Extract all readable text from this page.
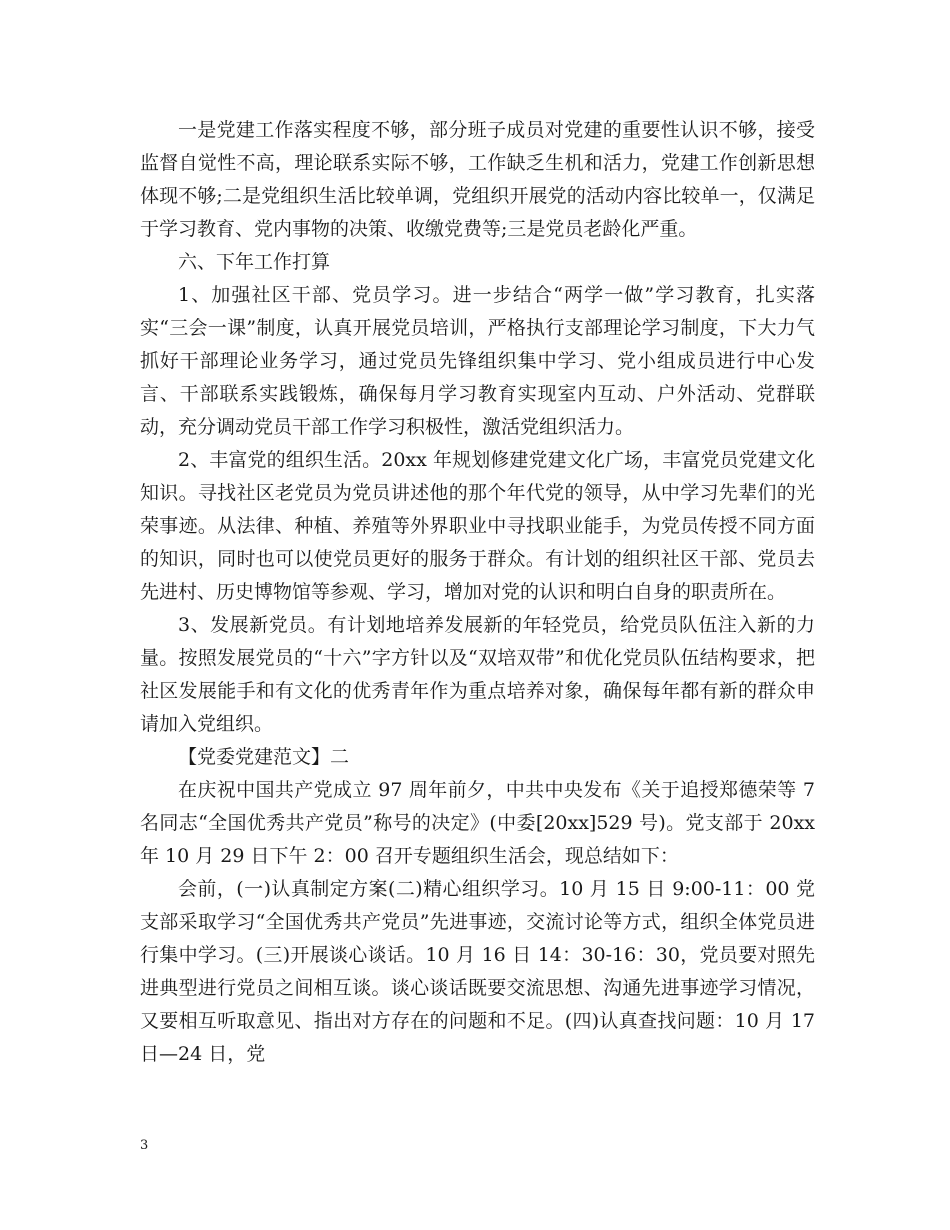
一是党建工作落实程度不够，部分班子成员对党建的重要性认识不够，接受监督自觉性不高，理论联系实际不够，工作缺乏生机和活力，党建工作创新思想体现不够;二是党组织生活比较单调，党组织开展党的活动内容比较单一，仅满足于学习教育、党内事物的决策、收缴党费等;三是党员老龄化严重。

六、下年工作打算

1、加强社区干部、党员学习。进一步结合“两学一做”学习教育，扎实落实“三会一课”制度，认真开展党员培训，严格执行支部理论学习制度，下大力气抓好干部理论业务学习，通过党员先锋组织集中学习、党小组成员进行中心发言、干部联系实践锻炼，确保每月学习教育实现室内互动、户外活动、党群联动，充分调动党员干部工作学习积极性，激活党组织活力。

2、丰富党的组织生活。20xx 年规划修建党建文化广场，丰富党员党建文化知识。寻找社区老党员为党员讲述他的那个年代党的领导，从中学习先辈们的光荣事迹。从法律、种植、养殖等外界职业中寻找职业能手，为党员传授不同方面的知识，同时也可以使党员更好的服务于群众。有计划的组织社区干部、党员去先进村、历史博物馆等参观、学习，增加对党的认识和明白自身的职责所在。

3、发展新党员。有计划地培养发展新的年轻党员，给党员队伍注入新的力量。按照发展党员的“十六”字方针以及“双培双带”和优化党员队伍结构要求，把社区发展能手和有文化的优秀青年作为重点培养对象，确保每年都有新的群众申请加入党组织。

【党委党建范文】二

在庆祝中国共产党成立 97 周年前夕，中共中央发布《关于追授郑德荣等 7 名同志“全国优秀共产党员”称号的决定》(中委[20xx]529 号)。党支部于 20xx 年 10 月 29 日下午 2：00 召开专题组织生活会，现总结如下：

会前，(一)认真制定方案(二)精心组织学习。10 月 15 日 9:00-11：00 党支部采取学习“全国优秀共产党员”先进事迹，交流讨论等方式，组织全体党员进行集中学习。(三)开展谈心谈话。10 月 16 日 14：30-16：30，党员要对照先进典型进行党员之间相互谈。谈心谈话既要交流思想、沟通先进事迹学习情况，又要相互听取意见、指出对方存在的问题和不足。(四)认真查找问题：10 月 17 日—24 日，党

3
